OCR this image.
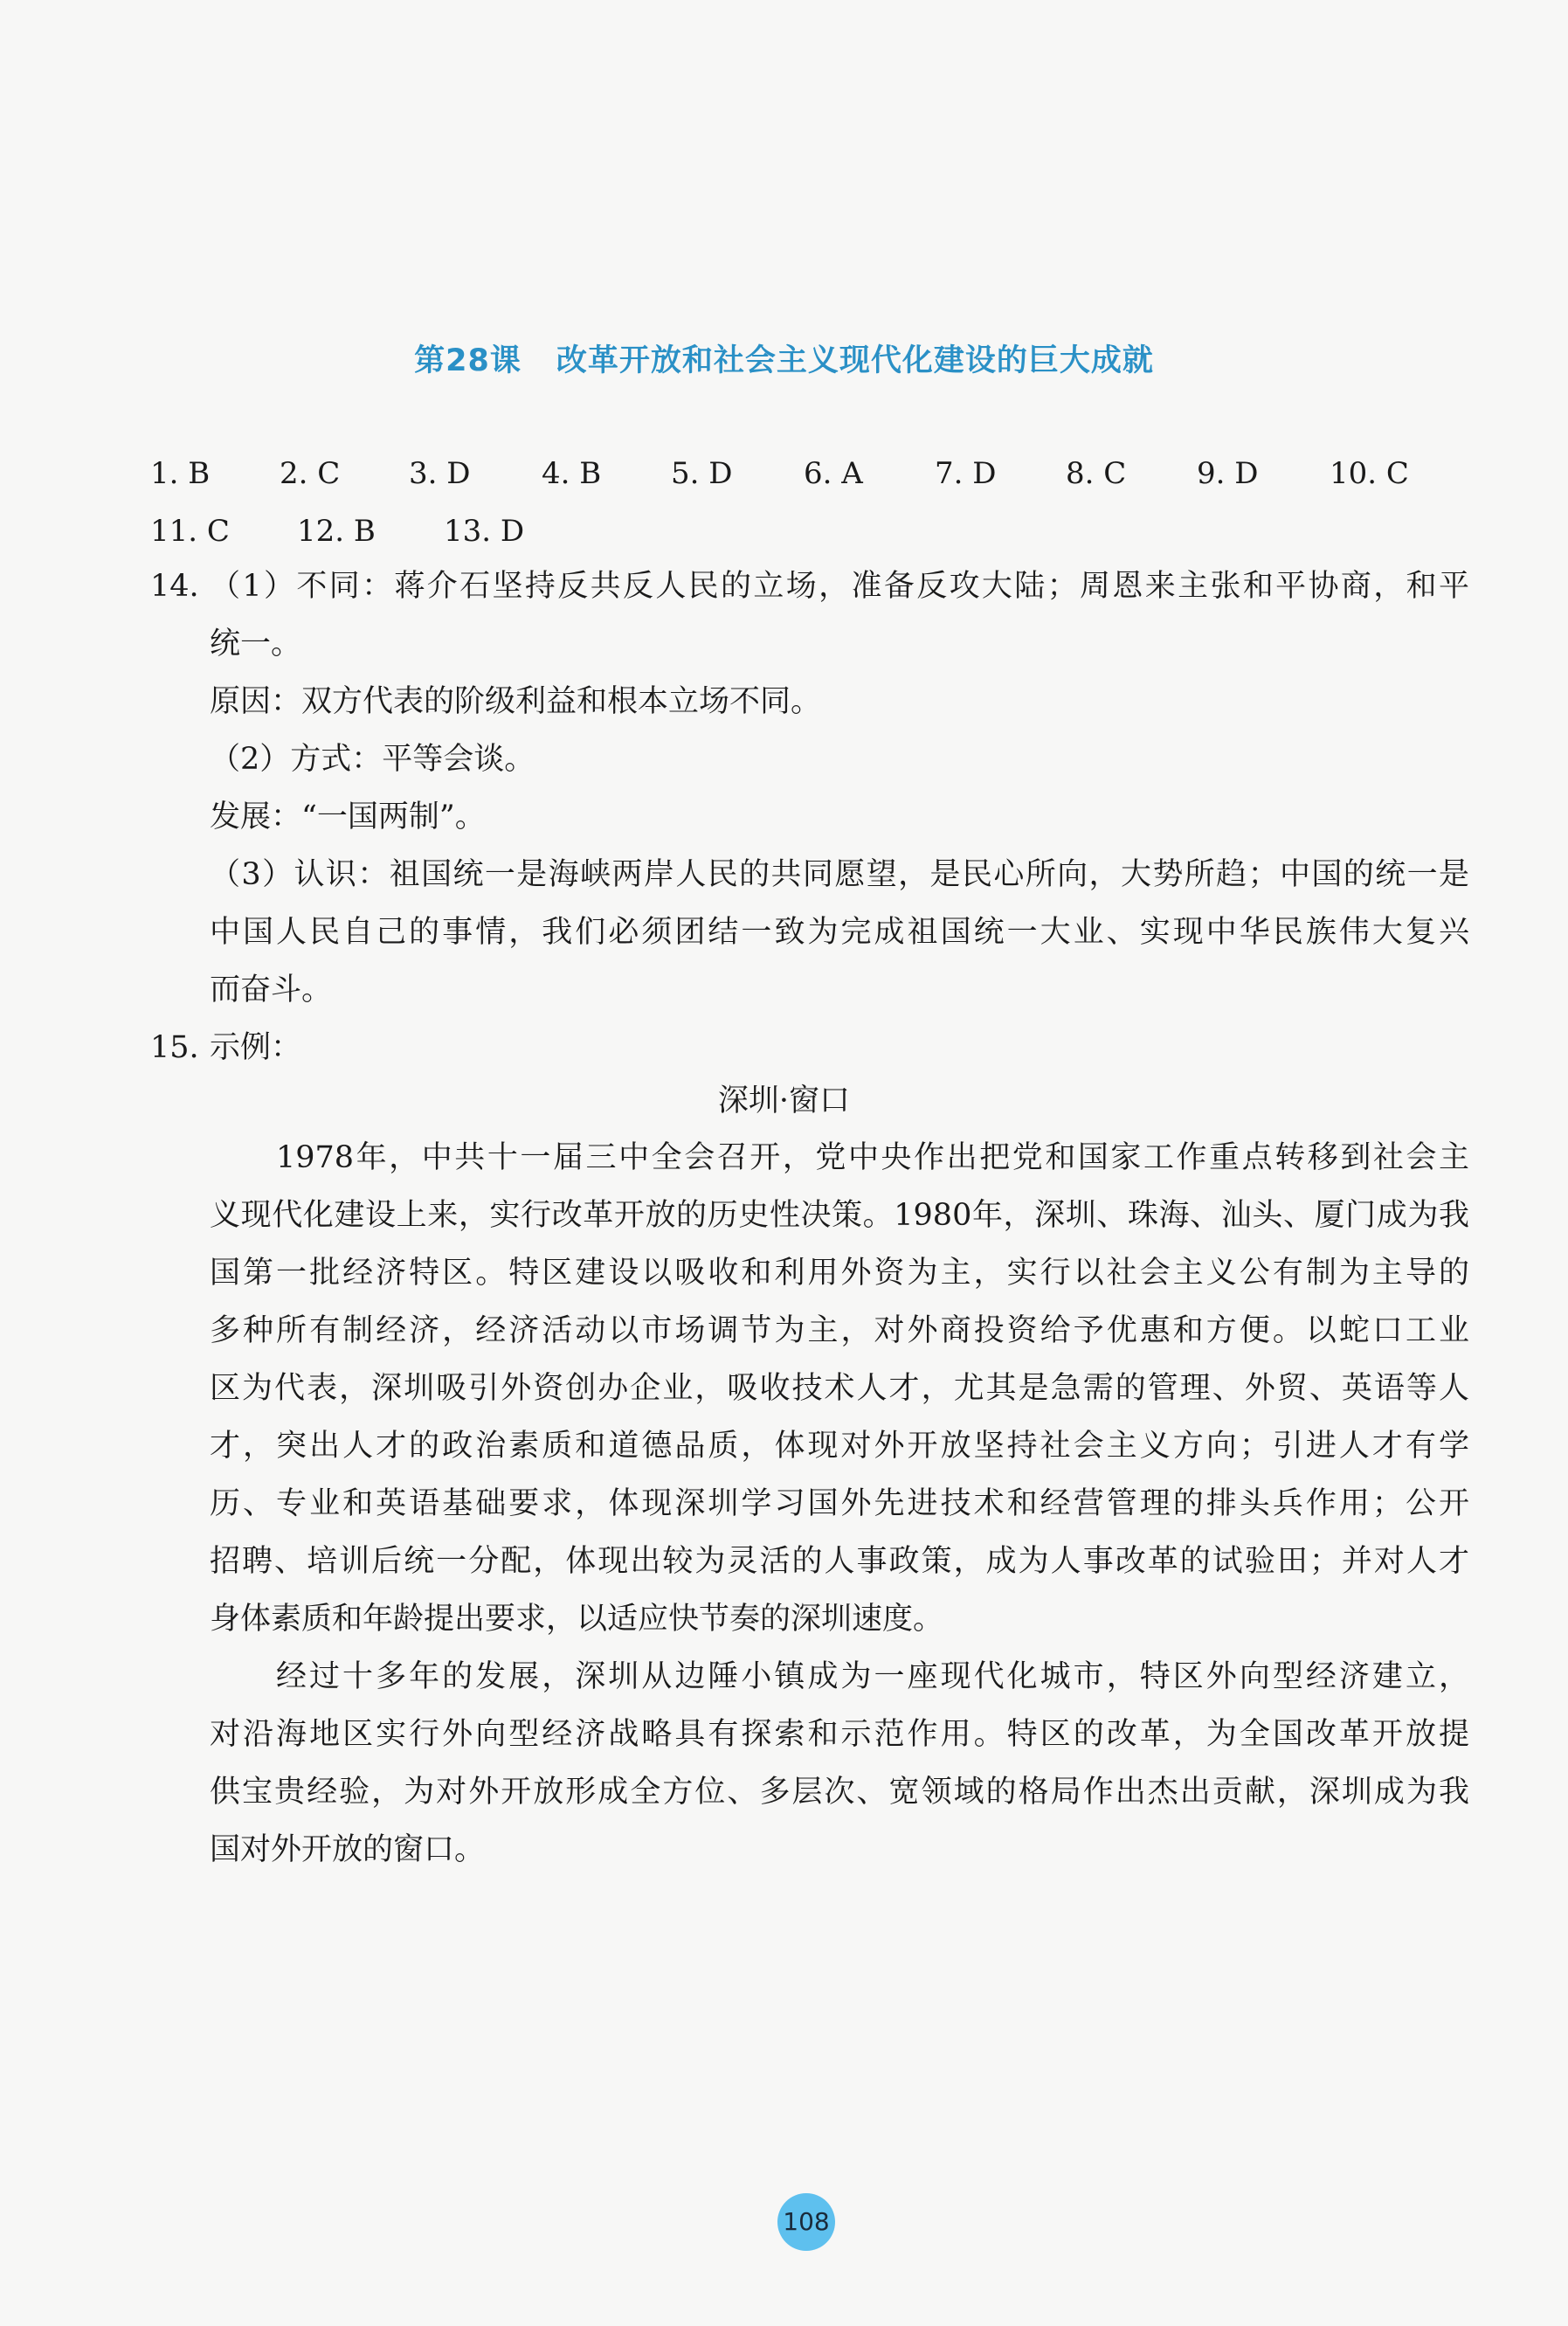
第28课 改革开放和社会主义现代化建设的巨大成就
1. B 2. C 3. D 4. B 5. D 6. A 7. D 8. C 9. D 10. C
11. C 12. B 13. D
14. （1）不同：蒋介石坚持反共反人民的立场，准备反攻大陆；周恩来主张和平协商，和平
统一。
原因：双方代表的阶级利益和根本立场不同。
（2）方式：平等会谈。
发展：“一国两制”。
（3）认识：祖国统一是海峡两岸人民的共同愿望，是民心所向，大势所趋；中国的统一是
中国人民自己的事情，我们必须团结一致为完成祖国统一大业、实现中华民族伟大复兴
而奋斗。
15. 示例：
深圳·窗口
1978年，中共十一届三中全会召开，党中央作出把党和国家工作重点转移到社会主
义现代化建设上来，实行改革开放的历史性决策。1980年，深圳、珠海、汕头、厦门成为我
国第一批经济特区。特区建设以吸收和利用外资为主，实行以社会主义公有制为主导的
多种所有制经济，经济活动以市场调节为主，对外商投资给予优惠和方便。以蛇口工业
区为代表，深圳吸引外资创办企业，吸收技术人才，尤其是急需的管理、外贸、英语等人
才，突出人才的政治素质和道德品质，体现对外开放坚持社会主义方向；引进人才有学
历、专业和英语基础要求，体现深圳学习国外先进技术和经营管理的排头兵作用；公开
招聘、培训后统一分配，体现出较为灵活的人事政策，成为人事改革的试验田；并对人才
身体素质和年龄提出要求，以适应快节奏的深圳速度。
经过十多年的发展，深圳从边陲小镇成为一座现代化城市，特区外向型经济建立，
对沿海地区实行外向型经济战略具有探索和示范作用。特区的改革，为全国改革开放提
供宝贵经验，为对外开放形成全方位、多层次、宽领域的格局作出杰出贡献，深圳成为我
国对外开放的窗口。
108
